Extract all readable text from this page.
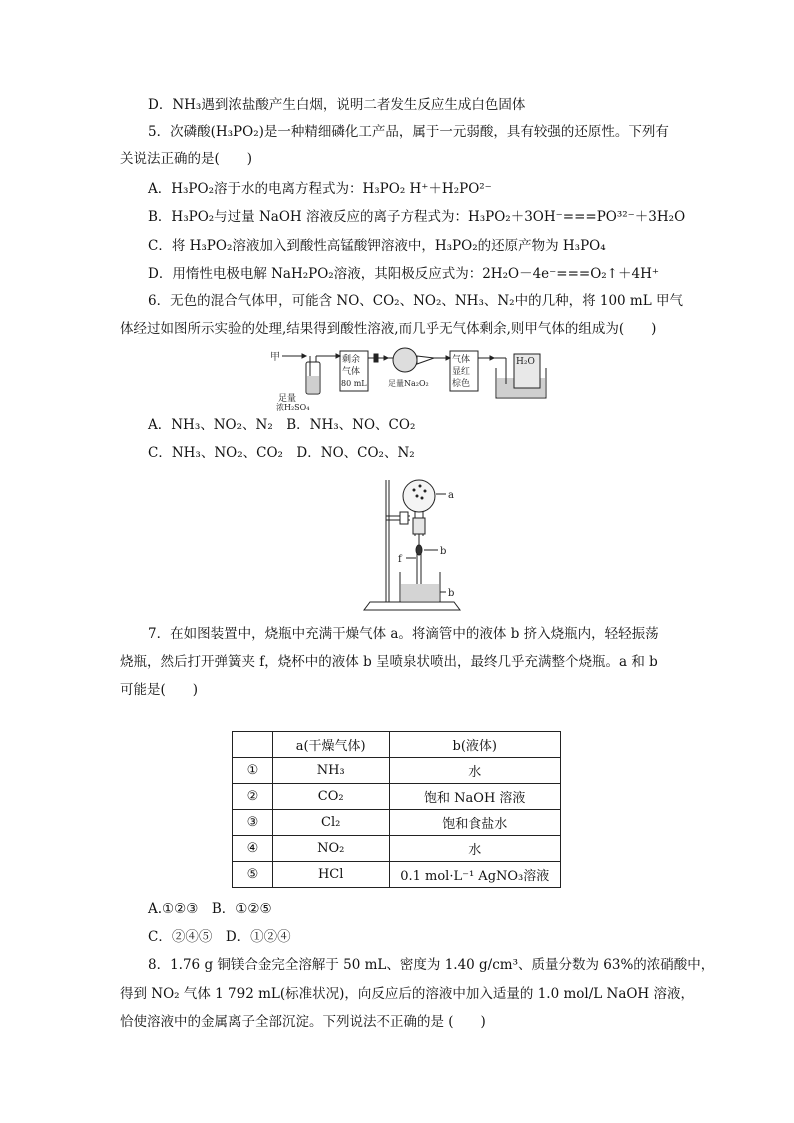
D．NH₃遇到浓盐酸产生白烟，说明二者发生反应生成白色固体
5．次磷酸(H₃PO₂)是一种精细磷化工产品，属于一元弱酸，具有较强的还原性。下列有
关说法正确的是(　　)
A．H₃PO₂溶于水的电离方程式为：H₃PO₂ H⁺＋H₂PO²⁻
B．H₃PO₂与过量 NaOH 溶液反应的离子方程式为：H₃PO₂＋3OH⁻===PO³²⁻＋3H₂O
C．将 H₃PO₂溶液加入到酸性高锰酸钾溶液中，H₃PO₂的还原产物为 H₃PO₄
D．用惰性电极电解 NaH₂PO₂溶液，其阳极反应式为：2H₂O－4e⁻===O₂↑＋4H⁺
6．无色的混合气体甲，可能含 NO、CO₂、NO₂、NH₃、N₂中的几种，将 100 mL 甲气
体经过如图所示实验的处理,结果得到酸性溶液,而几乎无气体剩余,则甲气体的组成为(　　)
甲
足量
浓H₂SO₄
剩余
气体
80 mL	足量Na₂O₂
气体
显红
棕色
H₂O
A．NH₃、NO₂、N₂　B．NH₃、NO、CO₂
C．NH₃、NO₂、CO₂　D．NO、CO₂、N₂
a
b
b
f
7．在如图装置中，烧瓶中充满干燥气体 a。将滴管中的液体 b 挤入烧瓶内，轻轻振荡
烧瓶，然后打开弹簧夹 f，烧杯中的液体 b 呈喷泉状喷出，最终几乎充满整个烧瓶。a 和 b
可能是(　　)
	a(干燥气体)	b(液体)
①	NH₃	水
②	CO₂	饱和 NaOH 溶液
③	Cl₂	饱和食盐水
④	NO₂	水
⑤	HCl	0.1 mol·L⁻¹ AgNO₃溶液
A.①②③　B．①②⑤
C．②④⑤　D．①②④
8．1.76 g 铜镁合金完全溶解于 50 mL、密度为 1.40 g/cm³、质量分数为 63%的浓硝酸中，
得到 NO₂ 气体 1 792 mL(标准状况)，向反应后的溶液中加入适量的 1.0 mol/L NaOH 溶液，
恰使溶液中的金属离子全部沉淀。下列说法不正确的是 (　　)
